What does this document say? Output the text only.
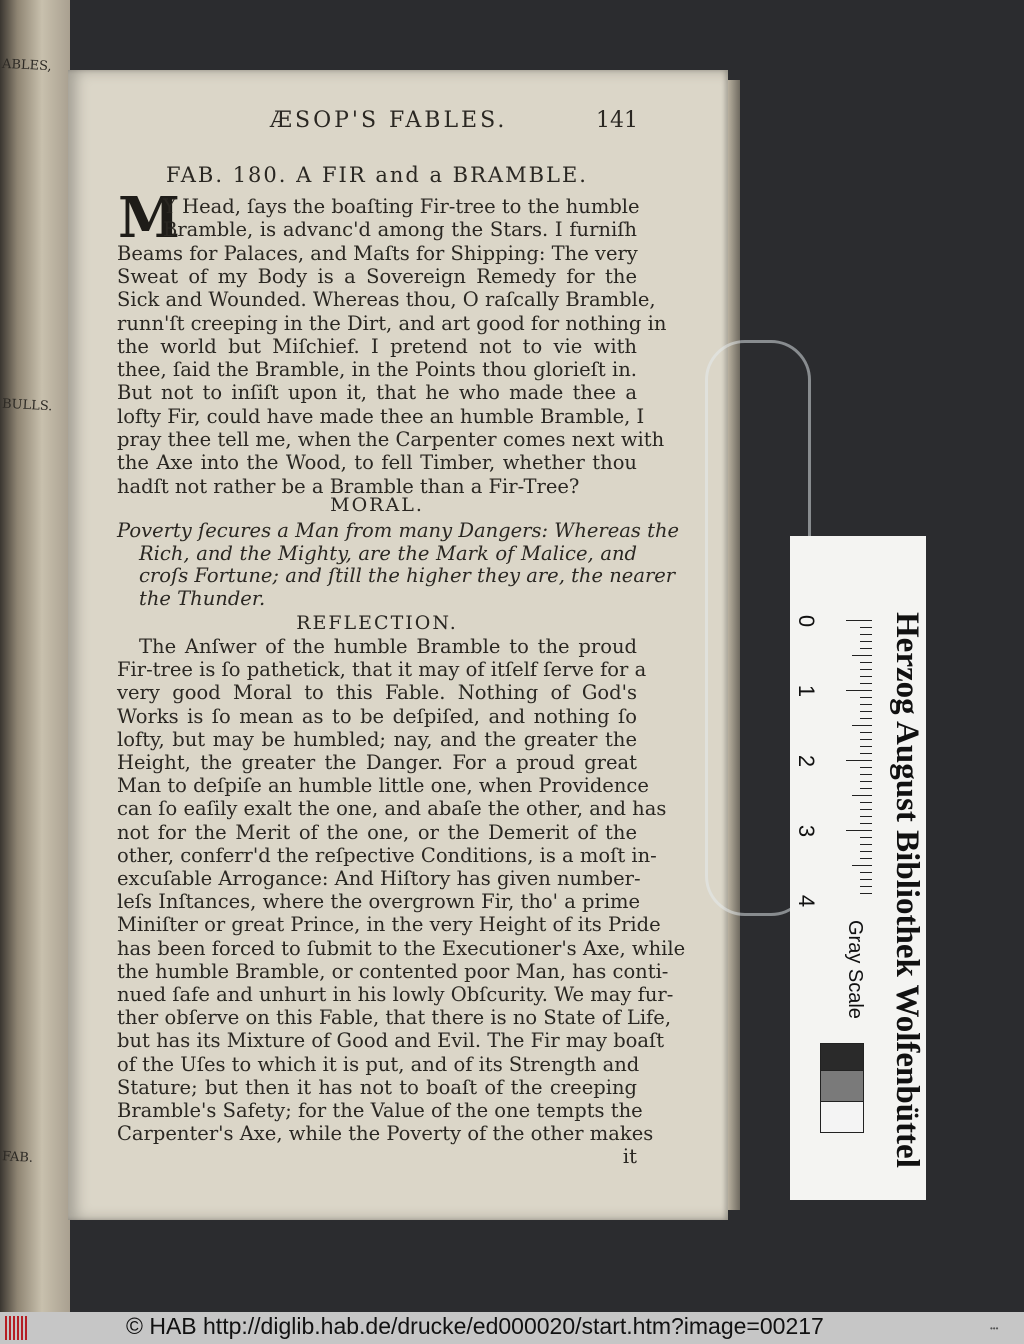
ABLES,
BULLS.
FAB.
ÆSOP'S FABLES.	141
FAB. 180. A FIR and a BRAMBLE.
M
Y Head, ſays the boaſting Fir-tree to the humble
Bramble, is advanc'd among the Stars. I furniſh
Beams for Palaces, and Maſts for Shipping: The very
Sweat of my Body is a Sovereign Remedy for the
Sick and Wounded. Whereas thou, O raſcally Bramble,
runn'ſt creeping in the Dirt, and art good for nothing in
the world but Miſchief. I pretend not to vie with
thee, ſaid the Bramble, in the Points thou glorieſt in.
But not to inſiſt upon it, that he who made thee a
lofty Fir, could have made thee an humble Bramble, I
pray thee tell me, when the Carpenter comes next with
the Axe into the Wood, to fell Timber, whether thou
hadſt not rather be a Bramble than a Fir-Tree?
MORAL.
Poverty ſecures a Man from many Dangers: Whereas the
Rich, and the Mighty, are the Mark of Malice, and
croſs Fortune; and ſtill the higher they are, the nearer
the Thunder.
REFLECTION.
The Anſwer of the humble Bramble to the proud
Fir-tree is ſo pathetick, that it may of itſelf ſerve for a
very good Moral to this Fable. Nothing of God's
Works is ſo mean as to be deſpiſed, and nothing ſo
lofty, but may be humbled; nay, and the greater the
Height, the greater the Danger. For a proud great
Man to deſpiſe an humble little one, when Providence
can ſo eaſily exalt the one, and abaſe the other, and has
not for the Merit of the one, or the Demerit of the
other, conferr'd the reſpective Conditions, is a moſt in-
excuſable Arrogance: And Hiſtory has given number-
leſs Inſtances, where the overgrown Fir, tho' a prime
Miniſter or great Prince, in the very Height of its Pride
has been forced to ſubmit to the Executioner's Axe, while
the humble Bramble, or contented poor Man, has conti-
nued ſafe and unhurt in his lowly Obſcurity. We may fur-
ther obſerve on this Fable, that there is no State of Life,
but has its Mixture of Good and Evil. The Fir may boaſt
of the Uſes to which it is put, and of its Strength and
Stature; but then it has not to boaſt of the creeping
Bramble's Safety; for the Value of the one tempts the
Carpenter's Axe, while the Poverty of the other makes
it
0
1
2
3
4 Herzog August Bibliothek Wolfenbüttel
Gray Scale
© HAB http://diglib.hab.de/drucke/ed000020/start.htm?image=00217	•••
